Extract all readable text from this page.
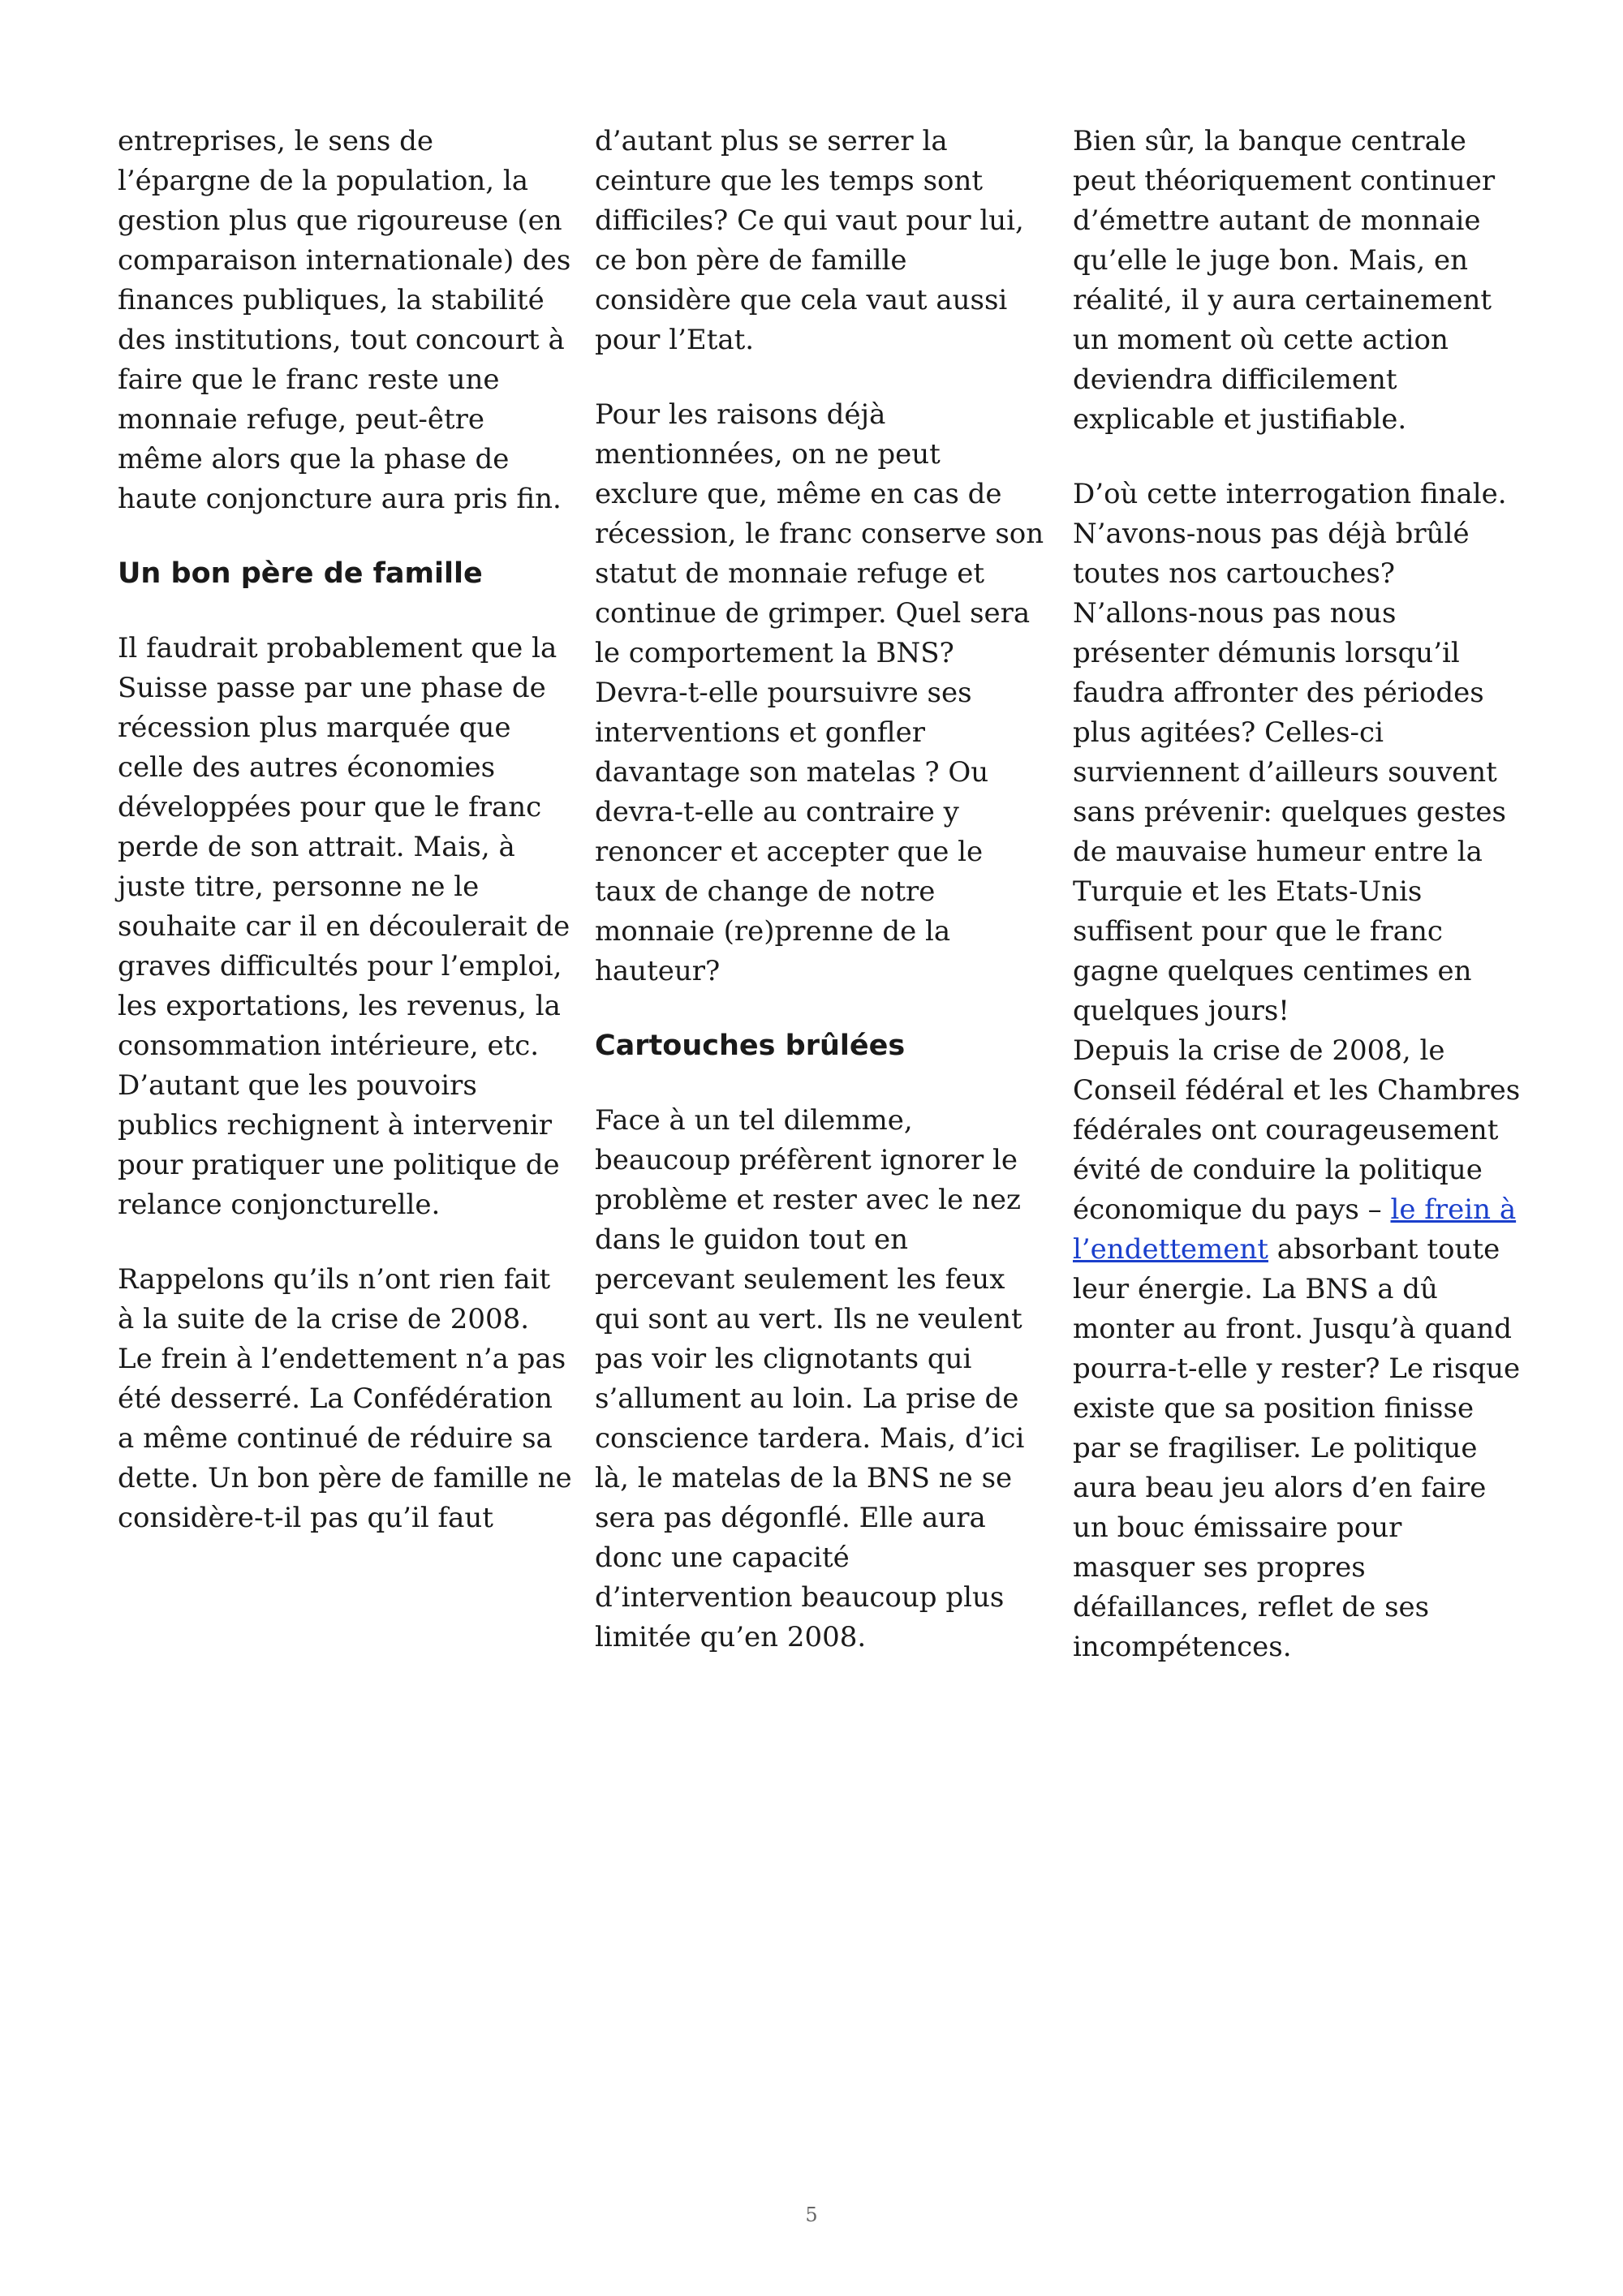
entreprises, le sens de l’épargne de la population, la gestion plus que rigoureuse (en comparaison internationale) des finances publiques, la stabilité des institutions, tout concourt à faire que le franc reste une monnaie refuge, peut-être même alors que la phase de haute conjoncture aura pris fin.

Un bon père de famille

Il faudrait probablement que la Suisse passe par une phase de récession plus marquée que celle des autres économies développées pour que le franc perde de son attrait. Mais, à juste titre, personne ne le souhaite car il en découlerait de graves difficultés pour l’emploi, les exportations, les revenus, la consommation intérieure, etc. D’autant que les pouvoirs publics rechignent à intervenir pour pratiquer une politique de relance conjoncturelle.

Rappelons qu’ils n’ont rien fait à la suite de la crise de 2008. Le frein à l’endettement n’a pas été desserré. La Confédération a même continué de réduire sa dette. Un bon père de famille ne considère-t-il pas qu’il faut

d’autant plus se serrer la ceinture que les temps sont difficiles? Ce qui vaut pour lui, ce bon père de famille considère que cela vaut aussi pour l’Etat.

Pour les raisons déjà mentionnées, on ne peut exclure que, même en cas de récession, le franc conserve son statut de monnaie refuge et continue de grimper. Quel sera le comportement la BNS? Devra-t-elle poursuivre ses interventions et gonfler davantage son matelas ? Ou devra-t-elle au contraire y renoncer et accepter que le taux de change de notre monnaie (re)prenne de la hauteur?

Cartouches brûlées

Face à un tel dilemme, beaucoup préfèrent ignorer le problème et rester avec le nez dans le guidon tout en percevant seulement les feux qui sont au vert. Ils ne veulent pas voir les clignotants qui s’allument au loin. La prise de conscience tardera. Mais, d’ici là, le matelas de la BNS ne se sera pas dégonflé. Elle aura donc une capacité d’intervention beaucoup plus limitée qu’en 2008.

Bien sûr, la banque centrale peut théoriquement continuer d’émettre autant de monnaie qu’elle le juge bon. Mais, en réalité, il y aura certainement un moment où cette action deviendra difficilement explicable et justifiable.

D’où cette interrogation finale. N’avons-nous pas déjà brûlé toutes nos cartouches? N’allons-nous pas nous présenter démunis lorsqu’il faudra affronter des périodes plus agitées? Celles-ci surviennent d’ailleurs souvent sans prévenir: quelques gestes de mauvaise humeur entre la Turquie et les Etats-Unis suffisent pour que le franc gagne quelques centimes en quelques jours!

Depuis la crise de 2008, le Conseil fédéral et les Chambres fédérales ont courageusement évité de conduire la politique économique du pays – le frein à l’endettement absorbant toute leur énergie. La BNS a dû monter au front. Jusqu’à quand pourra-t-elle y rester? Le risque existe que sa position finisse par se fragiliser. Le politique aura beau jeu alors d’en faire un bouc émissaire pour masquer ses propres défaillances, reflet de ses incompétences.

5
